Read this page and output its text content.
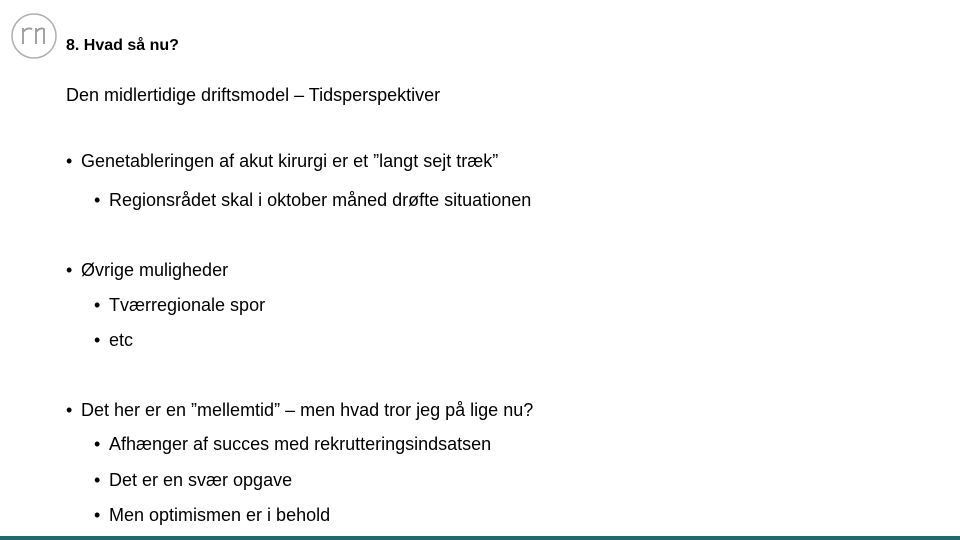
8. Hvad så nu?
Den midlertidige driftsmodel – Tidsperspektiver
• Genetableringen af akut kirurgi er et ”langt sejt træk”
• Regionsrådet skal i oktober måned drøfte situationen
• Øvrige muligheder
• Tværregionale spor
• etc
• Det her er en ”mellemtid” – men hvad tror jeg på lige nu?
• Afhænger af succes med rekrutteringsindsatsen
• Det er en svær opgave
• Men optimismen er i behold
